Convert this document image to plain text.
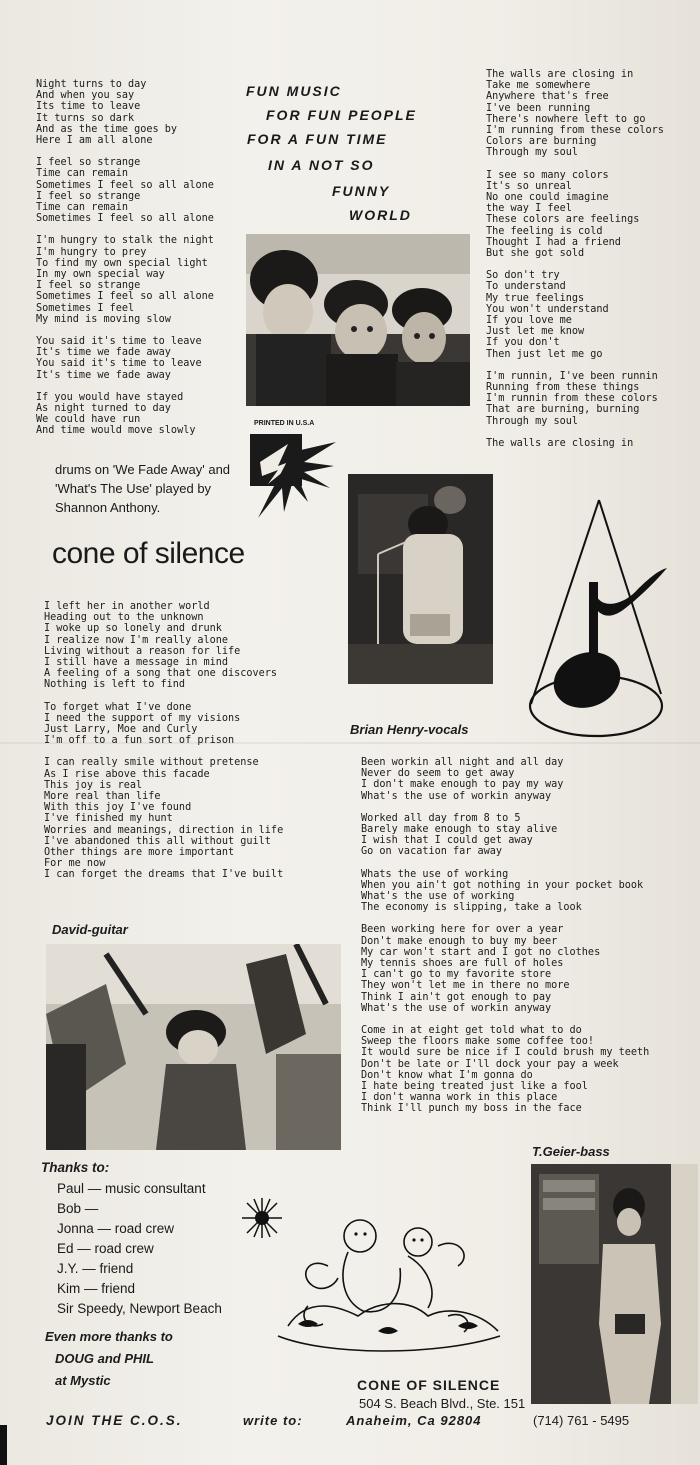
Night turns to day
And when you say
Its time to leave
It turns so dark
And as the time goes by
Here I am all alone
I feel so strange
Time can remain
Sometimes I feel so all alone
I feel so strange
Time can remain
Sometimes I feel so all alone
I'm hungry to stalk the night
I'm hungry to prey
To find my own special light
In my own special way
I feel so strange
Sometimes I feel so all alone
Sometimes I feel
My mind is moving slow
You said it's time to leave
It's time we fade away
You said it's time to leave
It's time we fade away
If you would have stayed
As night turned to day
We could have run
And time would move slowly
FUN MUSIC
FOR FUN PEOPLE
FOR A FUN TIME
IN A NOT SO
FUNNY
WORLD
The walls are closing in
Take me somewhere
Anywhere that's free
I've been running
There's nowhere left to go
I'm running from these colors
Colors are burning
Through my soul
I see so many colors
It's so unreal
No one could imagine
the way I feel
These colors are feelings
The feeling is cold
Thought I had a friend
But she got sold
So don't try
To understand
My true feelings
You won't understand
If you love me
Just let me know
If you don't
Then just let me go
I'm runnin, I've been runnin
Running from these things
I'm runnin from these colors
That are burning, burning
Through my soul
The walls are closing in
PRINTED IN U.S.A
drums on 'We Fade Away' and
'What's The Use' played by
Shannon Anthony.
cone of silence
Brian Henry-vocals
I left her in another world
Heading out to the unknown
I woke up so lonely and drunk
I realize now I'm really alone
Living without a reason for life
I still have a message in mind
A feeling of a song that one discovers
Nothing is left to find
To forget what I've done
I need the support of my visions
Just Larry, Moe and Curly
I'm off to a fun sort of prison
I can really smile without pretense
As I rise above this facade
This joy is real
More real than life
With this joy I've found
I've finished my hunt
Worries and meanings, direction in life
I've abandoned this all without guilt
Other things are more important
For me now
I can forget the dreams that I've built
Been workin all night and all day
Never do seem to get away
I don't make enough to pay my way
What's the use of workin anyway
Worked all day from 8 to 5
Barely make enough to stay alive
I wish that I could get away
Go on vacation far away
Whats the use of working
When you ain't got nothing in your pocket book
What's the use of working
The economy is slipping, take a look
Been working here for over a year
Don't make enough to buy my beer
My car won't start and I got no clothes
My tennis shoes are full of holes
I can't go to my favorite store
They won't let me in there no more
Think I ain't got enough to pay
What's the use of workin anyway
Come in at eight get told what to do
Sweep the floors make some coffee too!
It would sure be nice if I could brush my teeth
Don't be late or I'll dock your pay a week
Don't know what I'm gonna do
I hate being treated just like a fool
I don't wanna work in this place
Think I'll punch my boss in the face
David-guitar
T.Geier-bass
Thanks to:
Paul — music consultant
Bob —
Jonna — road crew
Ed — road crew
J.Y. — friend
Kim — friend
Sir Speedy, Newport Beach
Even more thanks to
DOUG and PHIL
at Mystic	CONE OF SILENCE
504 S. Beach Blvd., Ste. 151
JOIN THE C.O.S.	write to:	Anaheim, Ca 92804	(714) 761 - 5495
